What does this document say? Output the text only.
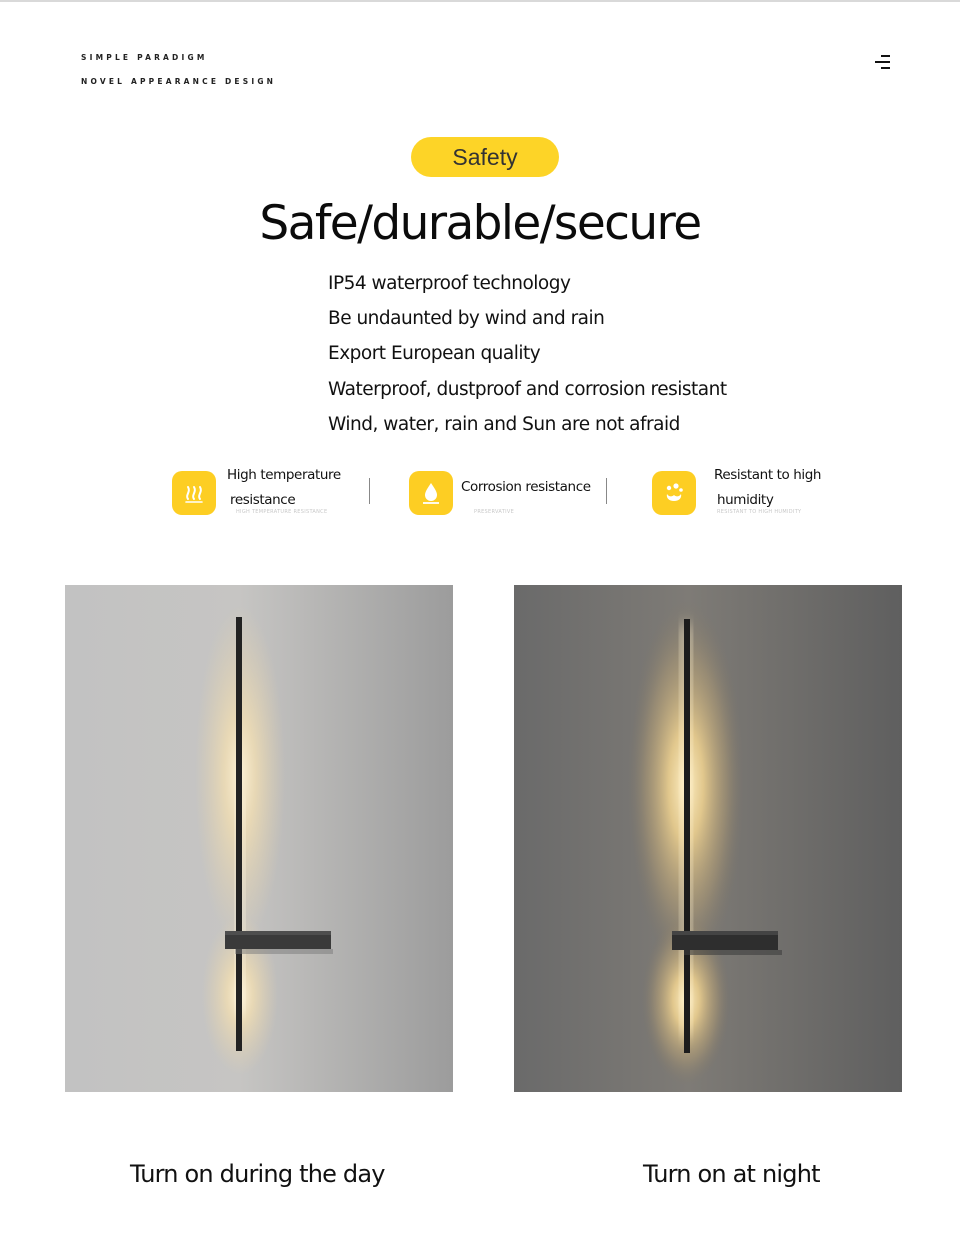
SIMPLE PARADIGM
NOVEL APPEARANCE DESIGN
Safety
Safe/durable/secure
IP54 waterproof technology
Be undaunted by wind and rain
Export European quality
Waterproof, dustproof and corrosion resistant
Wind, water, rain and Sun are not afraid
High temperature
resistance
HIGH TEMPERATURE RESISTANCE
Corrosion resistance
PRESERVATIVE
Resistant to high
humidity
RESISTANT TO HIGH HUMIDITY
Turn on during the day	Turn on at night
